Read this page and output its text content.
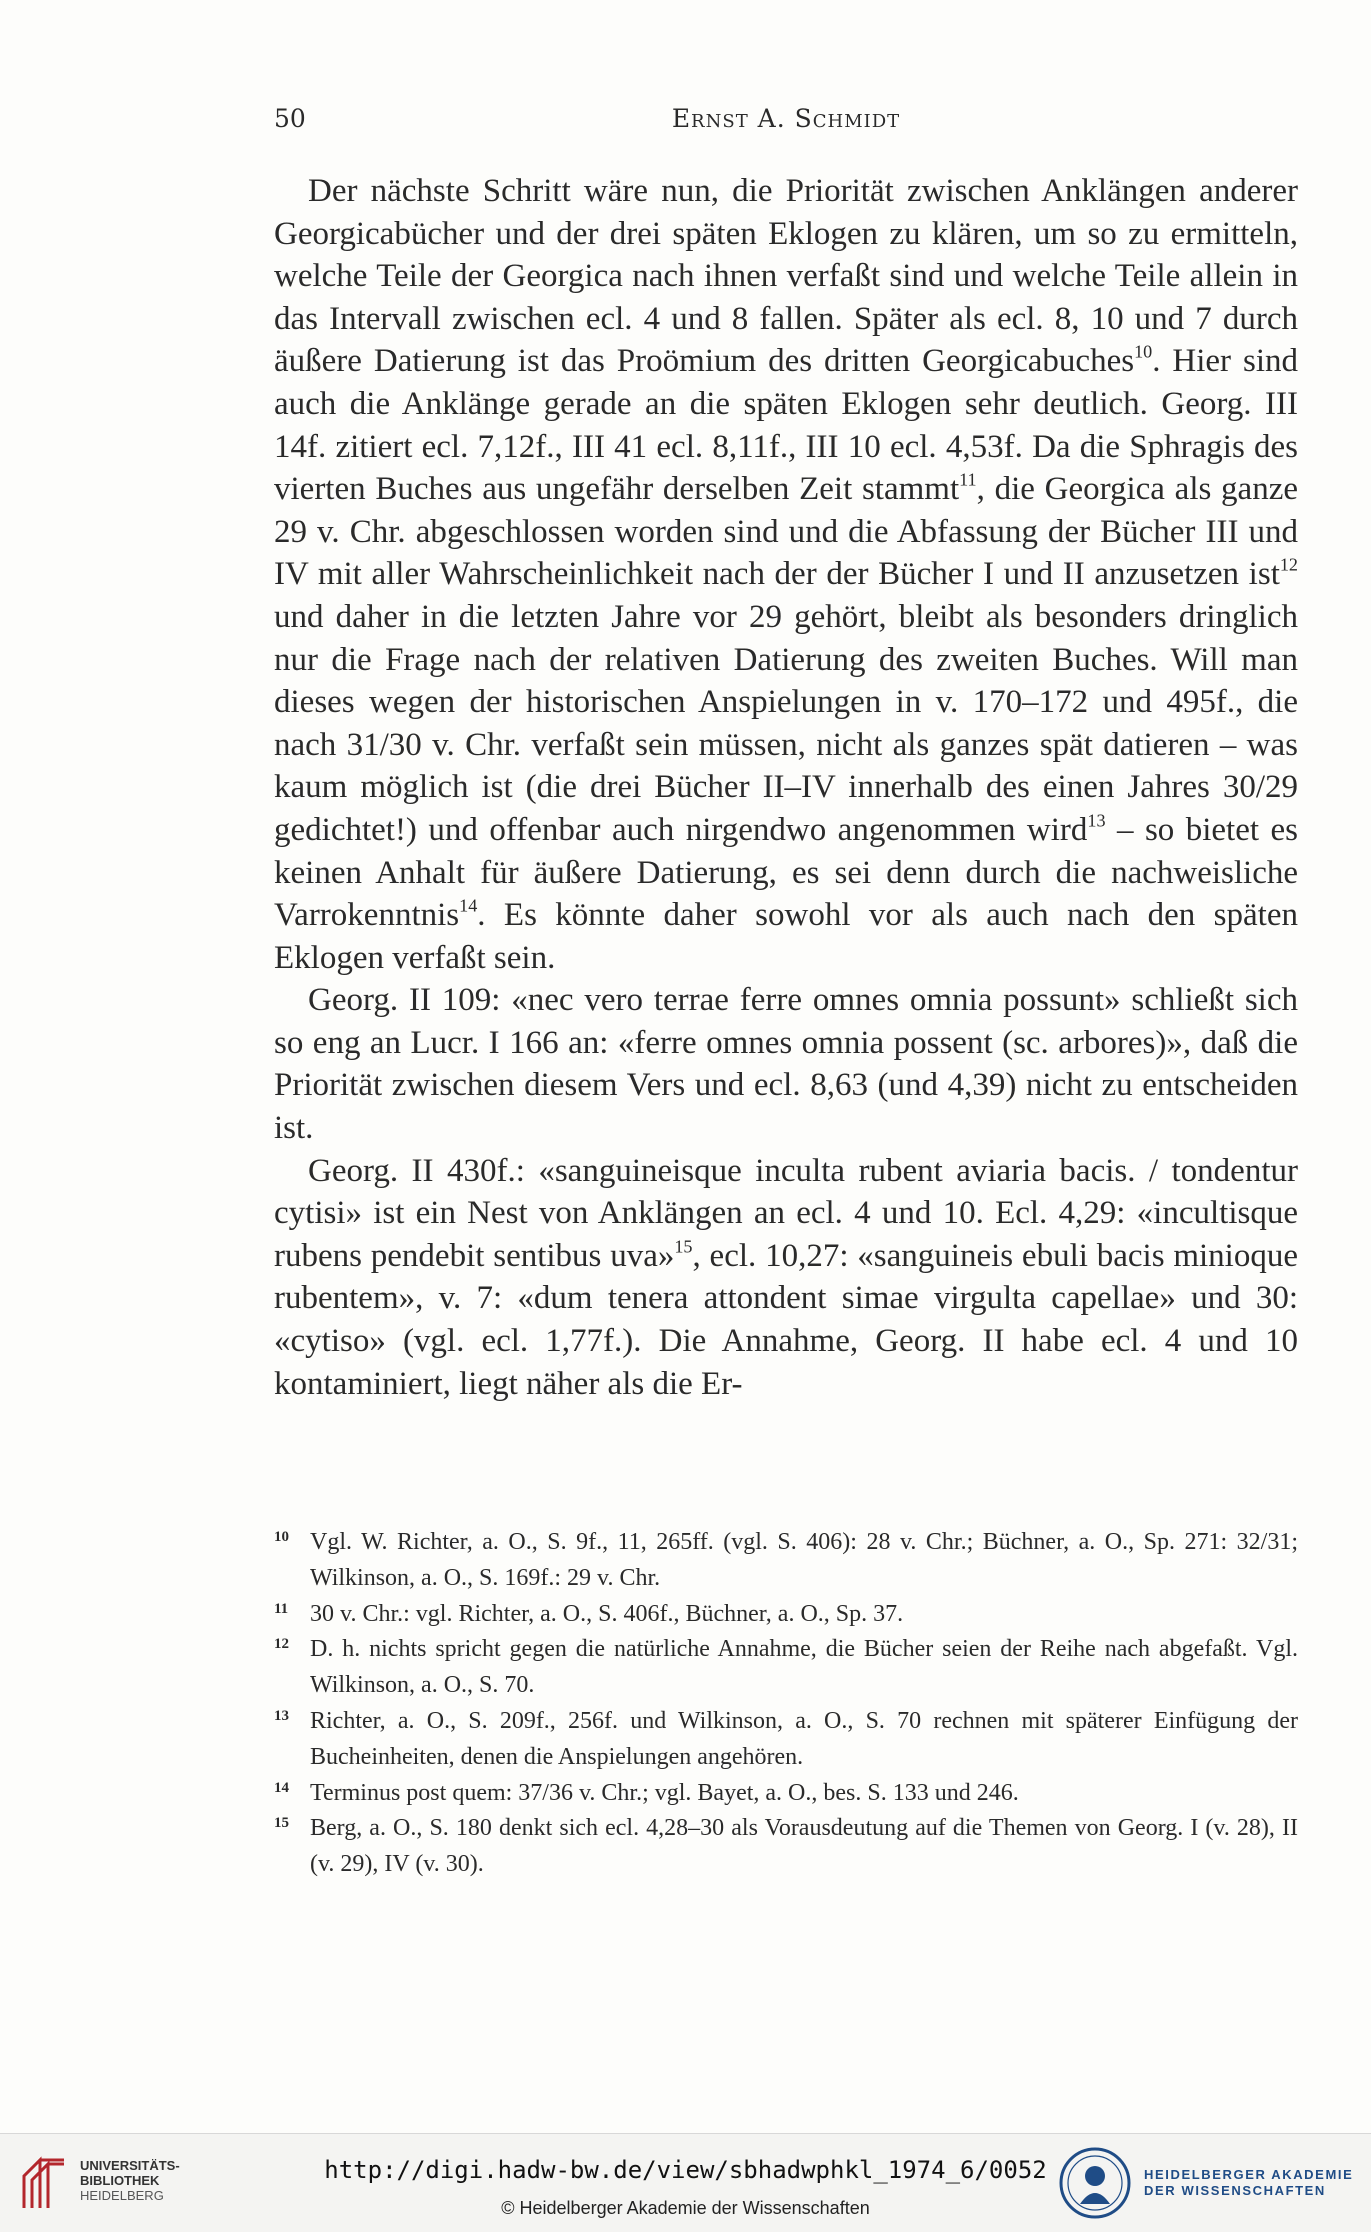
50	Ernst A. Schmidt

Der nächste Schritt wäre nun, die Priorität zwischen Anklängen anderer Georgicabücher und der drei späten Eklogen zu klären, um so zu ermitteln, welche Teile der Georgica nach ihnen verfaßt sind und welche Teile allein in das Intervall zwischen ecl. 4 und 8 fallen. Später als ecl. 8, 10 und 7 durch äußere Datierung ist das Proömium des dritten Georgicabuches$^{10}$. Hier sind auch die Anklänge gerade an die späten Eklogen sehr deutlich. Georg. III 14f. zitiert ecl. 7,12f., III 41 ecl. 8,11f., III 10 ecl. 4,53f. Da die Sphragis des vierten Buches aus ungefähr derselben Zeit stammt$^{11}$, die Georgica als ganze 29 v. Chr. abgeschlossen worden sind und die Abfassung der Bücher III und IV mit aller Wahrscheinlichkeit nach der der Bücher I und II anzusetzen ist$^{12}$ und daher in die letzten Jahre vor 29 gehört, bleibt als besonders dringlich nur die Frage nach der relativen Datierung des zweiten Buches. Will man dieses wegen der historischen Anspielungen in v. 170–172 und 495f., die nach 31/30 v. Chr. verfaßt sein müssen, nicht als ganzes spät datieren – was kaum möglich ist (die drei Bücher II–IV innerhalb des einen Jahres 30/29 gedichtet!) und offenbar auch nirgendwo angenommen wird$^{13}$ – so bietet es keinen Anhalt für äußere Datierung, es sei denn durch die nachweisliche Varrokenntnis$^{14}$. Es könnte daher sowohl vor als auch nach den späten Eklogen verfaßt sein.

Georg. II 109: «nec vero terrae ferre omnes omnia possunt» schließt sich so eng an Lucr. I 166 an: «ferre omnes omnia possent (sc. arbores)», daß die Priorität zwischen diesem Vers und ecl. 8,63 (und 4,39) nicht zu entscheiden ist.

Georg. II 430f.: «sanguineisque inculta rubent aviaria bacis. / tondentur cytisi» ist ein Nest von Anklängen an ecl. 4 und 10. Ecl. 4,29: «incultisque rubens pendebit sentibus uva»$^{15}$, ecl. 10,27: «sanguineis ebuli bacis minioque rubentem», v. 7: «dum tenera attondent simae virgulta capellae» und 30: «cytiso» (vgl. ecl. 1,77f.). Die Annahme, Georg. II habe ecl. 4 und 10 kontaminiert, liegt näher als die Er-

10 Vgl. W. Richter, a. O., S. 9f., 11, 265ff. (vgl. S. 406): 28 v. Chr.; Büchner, a. O., Sp. 271: 32/31; Wilkinson, a. O., S. 169f.: 29 v. Chr.
11 30 v. Chr.: vgl. Richter, a. O., S. 406f., Büchner, a. O., Sp. 37.
12 D. h. nichts spricht gegen die natürliche Annahme, die Bücher seien der Reihe nach abgefaßt. Vgl. Wilkinson, a. O., S. 70.
13 Richter, a. O., S. 209f., 256f. und Wilkinson, a. O., S. 70 rechnen mit späterer Einfügung der Bucheinheiten, denen die Anspielungen angehören.
14 Terminus post quem: 37/36 v. Chr.; vgl. Bayet, a. O., bes. S. 133 und 246.
15 Berg, a. O., S. 180 denkt sich ecl. 4,28–30 als Vorausdeutung auf die Themen von Georg. I (v. 28), II (v. 29), IV (v. 30).
UNIVERSITÄTS-
BIBLIOTHEK
HEIDELBERG
http://digi.hadw-bw.de/view/sbhadwphkl_1974_6/0052
© Heidelberger Akademie der Wissenschaften
HEIDELBERGER AKADEMIE
DER WISSENSCHAFTEN
